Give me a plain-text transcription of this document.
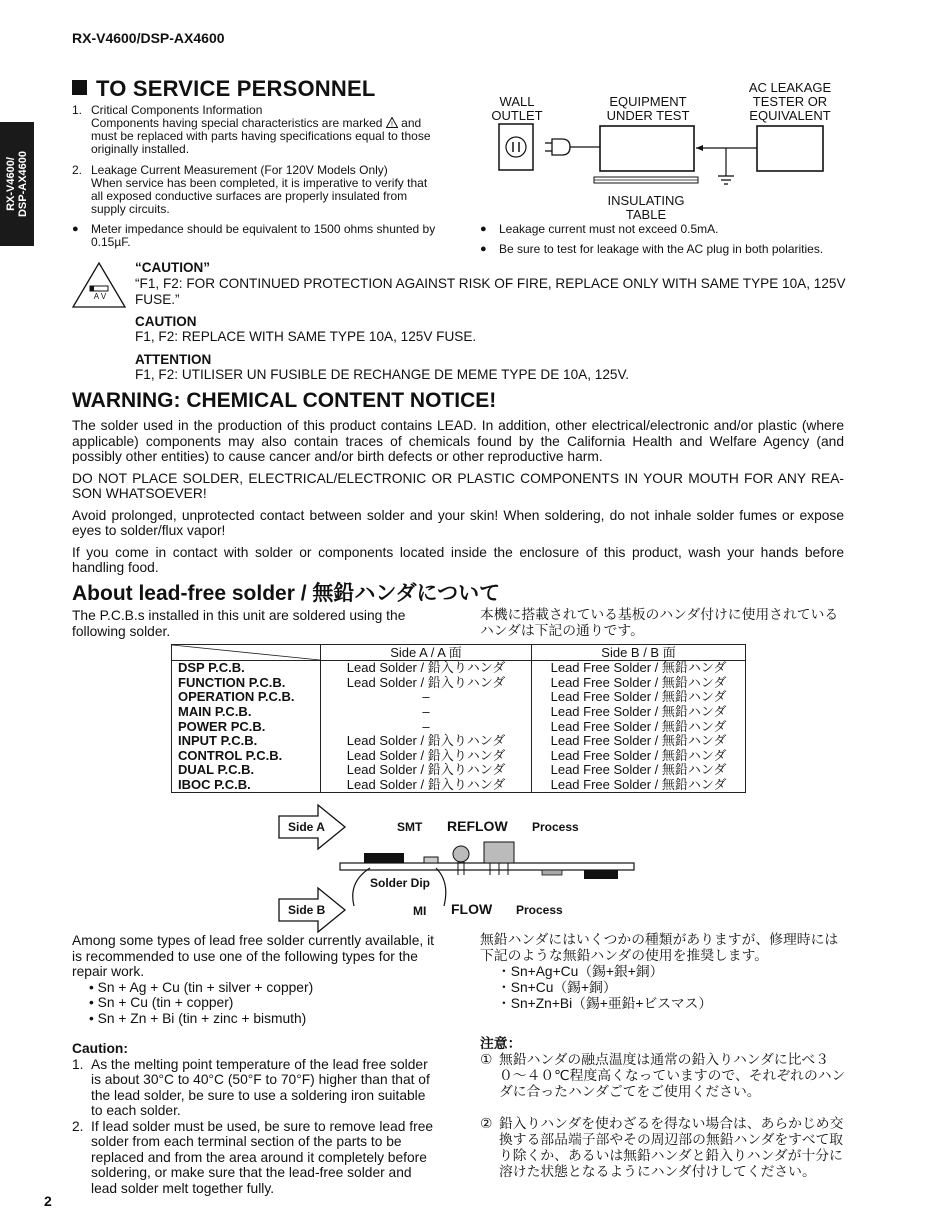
RX-V4600/DSP-AX4600
RX-V4600/ DSP-AX4600
TO SERVICE PERSONNEL
1. Critical Components Information
Components having special characteristics are marked ! and must be replaced with parts having specifications equal to those originally installed.
2. Leakage Current Measurement (For 120V Models Only)
When service has been completed, it is imperative to verify that all exposed conductive surfaces are properly insulated from supply circuits.
●	Meter impedance should be equivalent to 1500 ohms shunted by 0.15µF.
WALL
OUTLET
EQUIPMENT
UNDER TEST
AC LEAKAGE
TESTER OR
EQUIVALENT
INSULATING
TABLE
●	Leakage current must not exceed 0.5mA.
●	Be sure to test for leakage with the AC plug in both polarities.
A V
“CAUTION”
“F1, F2: FOR CONTINUED PROTECTION AGAINST RISK OF FIRE, REPLACE ONLY WITH SAME TYPE 10A, 125V FUSE.”
CAUTION
F1, F2: REPLACE WITH SAME TYPE 10A, 125V FUSE.
ATTENTION
F1, F2: UTILISER UN FUSIBLE DE RECHANGE DE MEME TYPE DE 10A, 125V.
WARNING: CHEMICAL CONTENT NOTICE!
The solder used in the production of this product contains LEAD. In addition, other electrical/electronic and/or plastic (where applicable) components may also contain traces of chemicals found by the California Health and Welfare Agency (and possibly other entities) to cause cancer and/or birth defects or other reproductive harm.
DO NOT PLACE SOLDER, ELECTRICAL/ELECTRONIC OR PLASTIC COMPONENTS IN YOUR MOUTH FOR ANY REA-SON WHATSOEVER!
Avoid prolonged, unprotected contact between solder and your skin! When soldering, do not inhale solder fumes or expose eyes to solder/flux vapor!
If you come in contact with solder or components located inside the enclosure of this product, wash your hands before handling food.
About lead-free solder / 無鉛ハンダについて
The P.C.B.s installed in this unit are soldered using the following solder.
本機に搭載されている基板のハンダ付けに使用されているハンダは下記の通りです。
	Side A / A 面	Side B / B 面
DSP P.C.B.	Lead Solder / 鉛入りハンダ	Lead Free Solder / 無鉛ハンダ
FUNCTION P.C.B.	Lead Solder / 鉛入りハンダ	Lead Free Solder / 無鉛ハンダ
OPERATION P.C.B.	–	Lead Free Solder / 無鉛ハンダ
MAIN P.C.B.	–	Lead Free Solder / 無鉛ハンダ
POWER PC.B.	–	Lead Free Solder / 無鉛ハンダ
INPUT P.C.B.	Lead Solder / 鉛入りハンダ	Lead Free Solder / 無鉛ハンダ
CONTROL P.C.B.	Lead Solder / 鉛入りハンダ	Lead Free Solder / 無鉛ハンダ
DUAL P.C.B.	Lead Solder / 鉛入りハンダ	Lead Free Solder / 無鉛ハンダ
IBOC P.C.B.	Lead Solder / 鉛入りハンダ	Lead Free Solder / 無鉛ハンダ
Side A	SMT REFLOW Process
Solder Dip
Side B	MI FLOW Process
Among some types of lead free solder currently available, it is recommended to use one of the following types for the repair work.
• Sn + Ag + Cu (tin + silver + copper)
• Sn + Cu (tin + copper)
• Sn + Zn + Bi (tin + zinc + bismuth)
無鉛ハンダにはいくつかの種類がありますが、修理時には下記のような無鉛ハンダの使用を推奨します。
・Sn+Ag+Cu（錫+銀+銅）
・Sn+Cu（錫+銅）
・Sn+Zn+Bi（錫+亜鉛+ビスマス）
Caution:
1. As the melting point temperature of the lead free solder is about 30°C to 40°C (50°F to 70°F) higher than that of the lead solder, be sure to use a soldering iron suitable to each solder.
2. If lead solder must be used, be sure to remove lead free solder from each terminal section of the parts to be replaced and from the area around it completely before soldering, or make sure that the lead-free solder and lead solder melt together fully.
注意：
① 無鉛ハンダの融点温度は通常の鉛入りハンダに比べ３０〜４０℃程度高くなっていますので、それぞれのハンダに合ったハンダごてをご使用ください。
② 鉛入りハンダを使わざるを得ない場合は、あらかじめ交換する部品端子部やその周辺部の無鉛ハンダをすべて取り除くか、あるいは無鉛ハンダと鉛入りハンダが十分に溶けた状態となるようにハンダ付けしてください。
2
